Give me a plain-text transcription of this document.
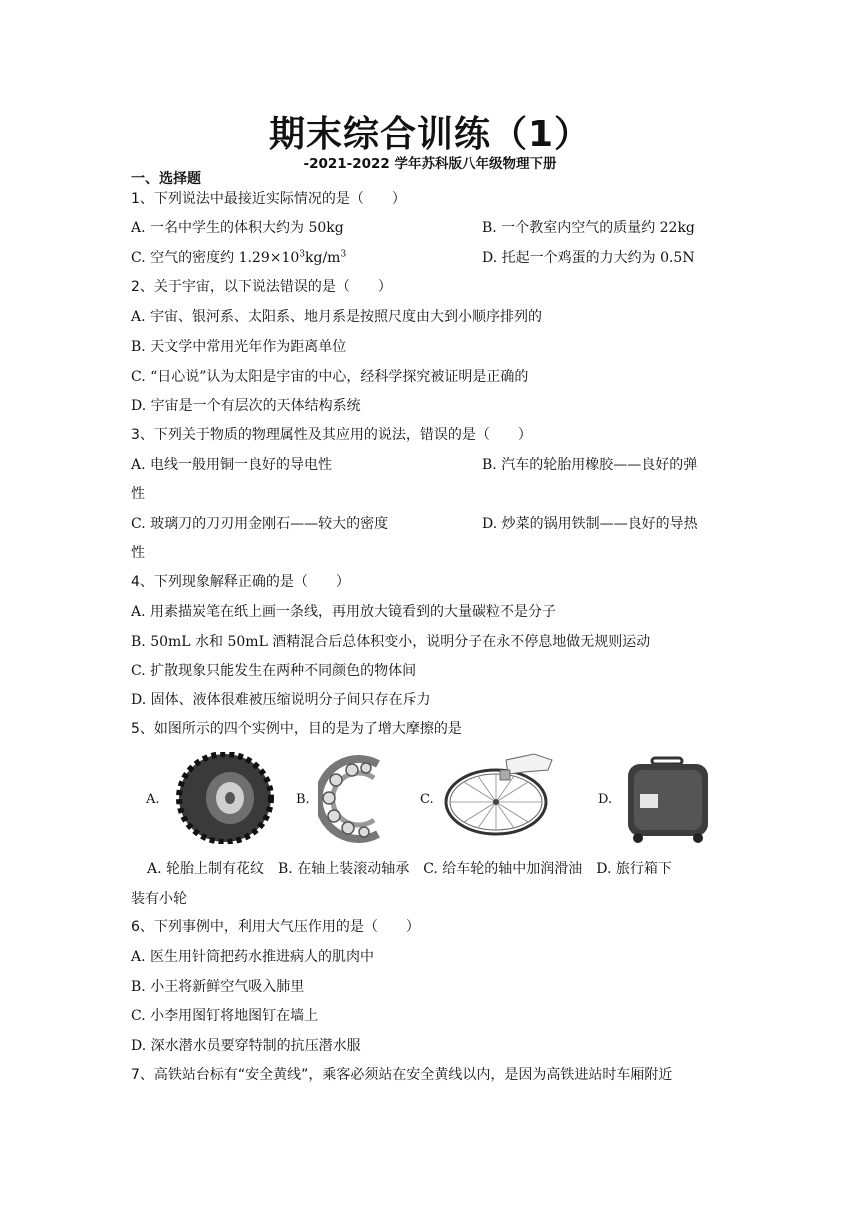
期末综合训练（1）
-2021-2022 学年苏科版八年级物理下册
一、选择题
1、下列说法中最接近实际情况的是（　　）
A. 一名中学生的体积大约为 50kg	B. 一个教室内空气的质量约 22kg
C. 空气的密度约 $1.29\times 10^3kg/m^3$	D. 托起一个鸡蛋的力大约为 0.5N
2、关于宇宙，以下说法错误的是（　　）
A. 宇宙、银河系、太阳系、地月系是按照尺度由大到小顺序排列的
B. 天文学中常用光年作为距离单位
C. “日心说”认为太阳是宇宙的中心，经科学探究被证明是正确的
D. 宇宙是一个有层次的天体结构系统
3、下列关于物质的物理属性及其应用的说法，错误的是（　　）
A. 电线一般用铜一良好的导电性	B. 汽车的轮胎用橡胶——良好的弹
性
C. 玻璃刀的刀刃用金刚石——较大的密度	D. 炒菜的锅用铁制——良好的导热
性
4、下列现象解释正确的是（　　）
A. 用素描炭笔在纸上画一条线，再用放大镜看到的大量碳粒不是分子
B. 50mL 水和 50mL 酒精混合后总体积变小，说明分子在永不停息地做无规则运动
C. 扩散现象只能发生在两种不同颜色的物体间
D. 固体、液体很难被压缩说明分子间只存在斥力
5、如图所示的四个实例中，目的是为了增大摩擦的是
A.	B.	C.	D.
A. 轮胎上制有花纹　B. 在轴上装滚动轴承　C. 给车轮的轴中加润滑油　D. 旅行箱下
装有小轮
6、下列事例中，利用大气压作用的是（　　）
A. 医生用针筒把药水推进病人的肌肉中
B. 小王将新鲜空气吸入肺里
C. 小李用图钉将地图钉在墙上
D. 深水潜水员要穿特制的抗压潜水服
7、高铁站台标有“安全黄线”，乘客必须站在安全黄线以内，是因为高铁进站时车厢附近
